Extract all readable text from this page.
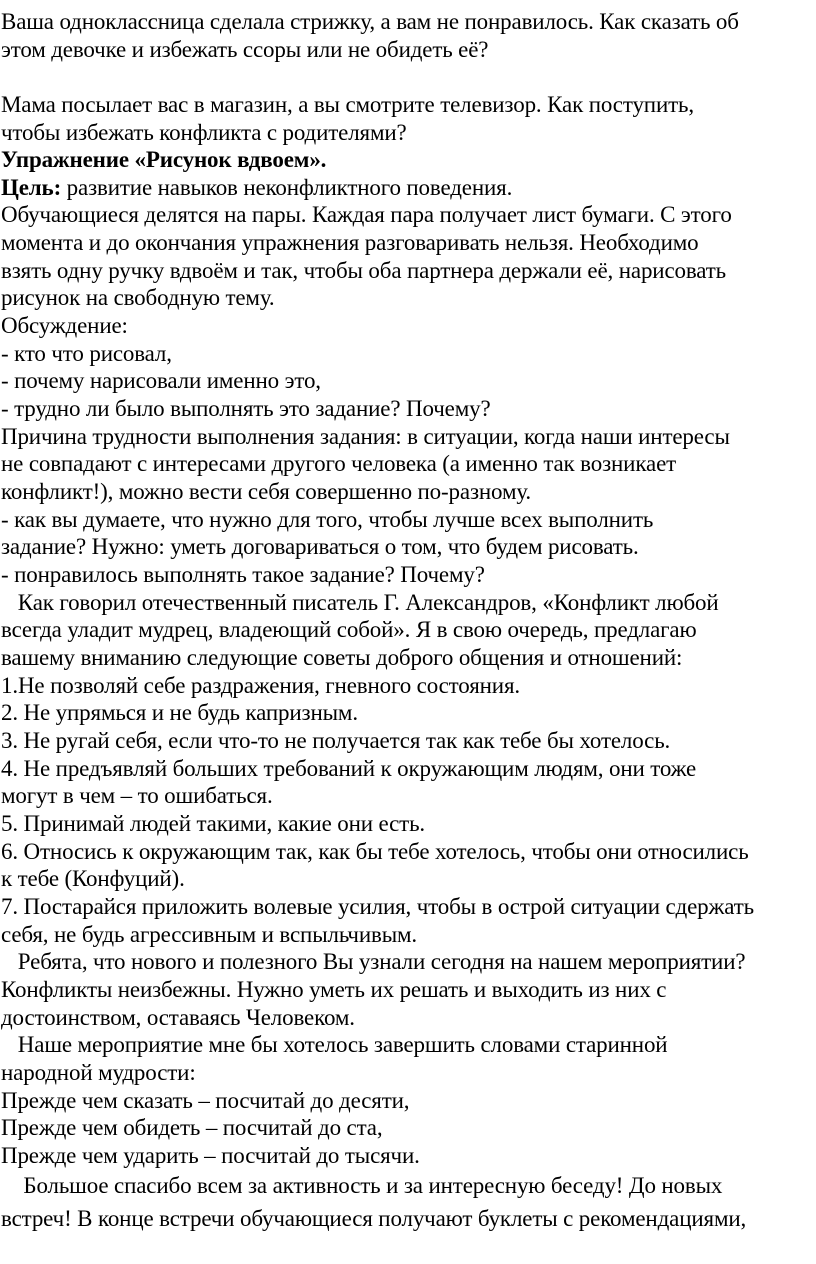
Ваша одноклассница сделала стрижку, а вам не понравилось. Как сказать об
этом девочке и избежать ссоры или не обидеть её?
Мама посылает вас в магазин, а вы смотрите телевизор. Как поступить,
чтобы избежать конфликта с родителями?
Упражнение «Рисунок вдвоем».
Цель: развитие навыков неконфликтного поведения.
Обучающиеся делятся на пары. Каждая пара получает лист бумаги. С этого
момента и до окончания упражнения разговаривать нельзя. Необходимо
взять одну ручку вдвоём и так, чтобы оба партнера держали её, нарисовать
рисунок на свободную тему.
Обсуждение:
- кто что рисовал,
- почему нарисовали именно это,
- трудно ли было выполнять это задание? Почему?
Причина трудности выполнения задания: в ситуации, когда наши интересы
не совпадают с интересами другого человека (а именно так возникает
конфликт!), можно вести себя совершенно по-разному.
- как вы думаете, что нужно для того, чтобы лучше всех выполнить
задание? Нужно: уметь договариваться о том, что будем рисовать.
- понравилось выполнять такое задание? Почему?
Как говорил отечественный писатель Г. Александров, «Конфликт любой
всегда уладит мудрец, владеющий собой». Я в свою очередь, предлагаю
вашему вниманию следующие советы доброго общения и отношений:
1.Не позволяй себе раздражения, гневного состояния.
2. Не упрямься и не будь капризным.
3. Не ругай себя, если что-то не получается так как тебе бы хотелось.
4. Не предъявляй больших требований к окружающим людям, они тоже
могут в чем – то ошибаться.
5. Принимай людей такими, какие они есть.
6. Относись к окружающим так, как бы тебе хотелось, чтобы они относились
к тебе (Конфуций).
7. Постарайся приложить волевые усилия, чтобы в острой ситуации сдержать
себя, не будь агрессивным и вспыльчивым.
Ребята, что нового и полезного Вы узнали сегодня на нашем мероприятии?
Конфликты неизбежны. Нужно уметь их решать и выходить из них с
достоинством, оставаясь Человеком.
Наше мероприятие мне бы хотелось завершить словами старинной
народной мудрости:
Прежде чем сказать – посчитай до десяти,
Прежде чем обидеть – посчитай до ста,
Прежде чем ударить – посчитай до тысячи.
Большое спасибо всем за активность и за интересную беседу! До новых
встреч! В конце встречи обучающиеся получают буклеты с рекомендациями,
